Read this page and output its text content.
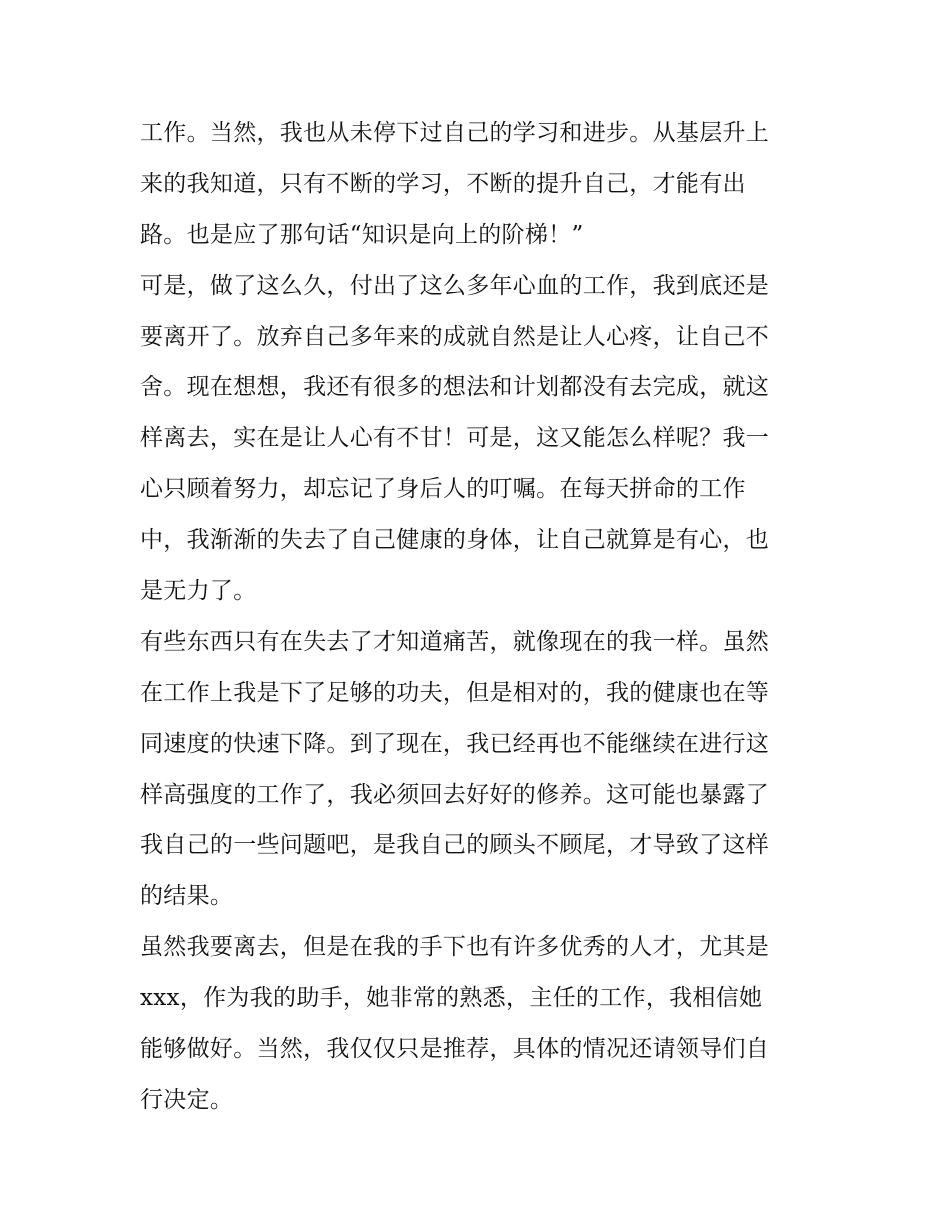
工作。当然，我也从未停下过自己的学习和进步。从基层升上
来的我知道，只有不断的学习，不断的提升自己，才能有出
路。也是应了那句话“知识是向上的阶梯！”
可是，做了这么久，付出了这么多年心血的工作，我到底还是
要离开了。放弃自己多年来的成就自然是让人心疼，让自己不
舍。现在想想，我还有很多的想法和计划都没有去完成，就这
样离去，实在是让人心有不甘！可是，这又能怎么样呢？我一
心只顾着努力，却忘记了身后人的叮嘱。在每天拼命的工作
中，我渐渐的失去了自己健康的身体，让自己就算是有心，也
是无力了。
有些东西只有在失去了才知道痛苦，就像现在的我一样。虽然
在工作上我是下了足够的功夫，但是相对的，我的健康也在等
同速度的快速下降。到了现在，我已经再也不能继续在进行这
样高强度的工作了，我必须回去好好的修养。这可能也暴露了
我自己的一些问题吧，是我自己的顾头不顾尾，才导致了这样
的结果。
虽然我要离去，但是在我的手下也有许多优秀的人才，尤其是
xxx，作为我的助手，她非常的熟悉，主任的工作，我相信她
能够做好。当然，我仅仅只是推荐，具体的情况还请领导们自
行决定。
